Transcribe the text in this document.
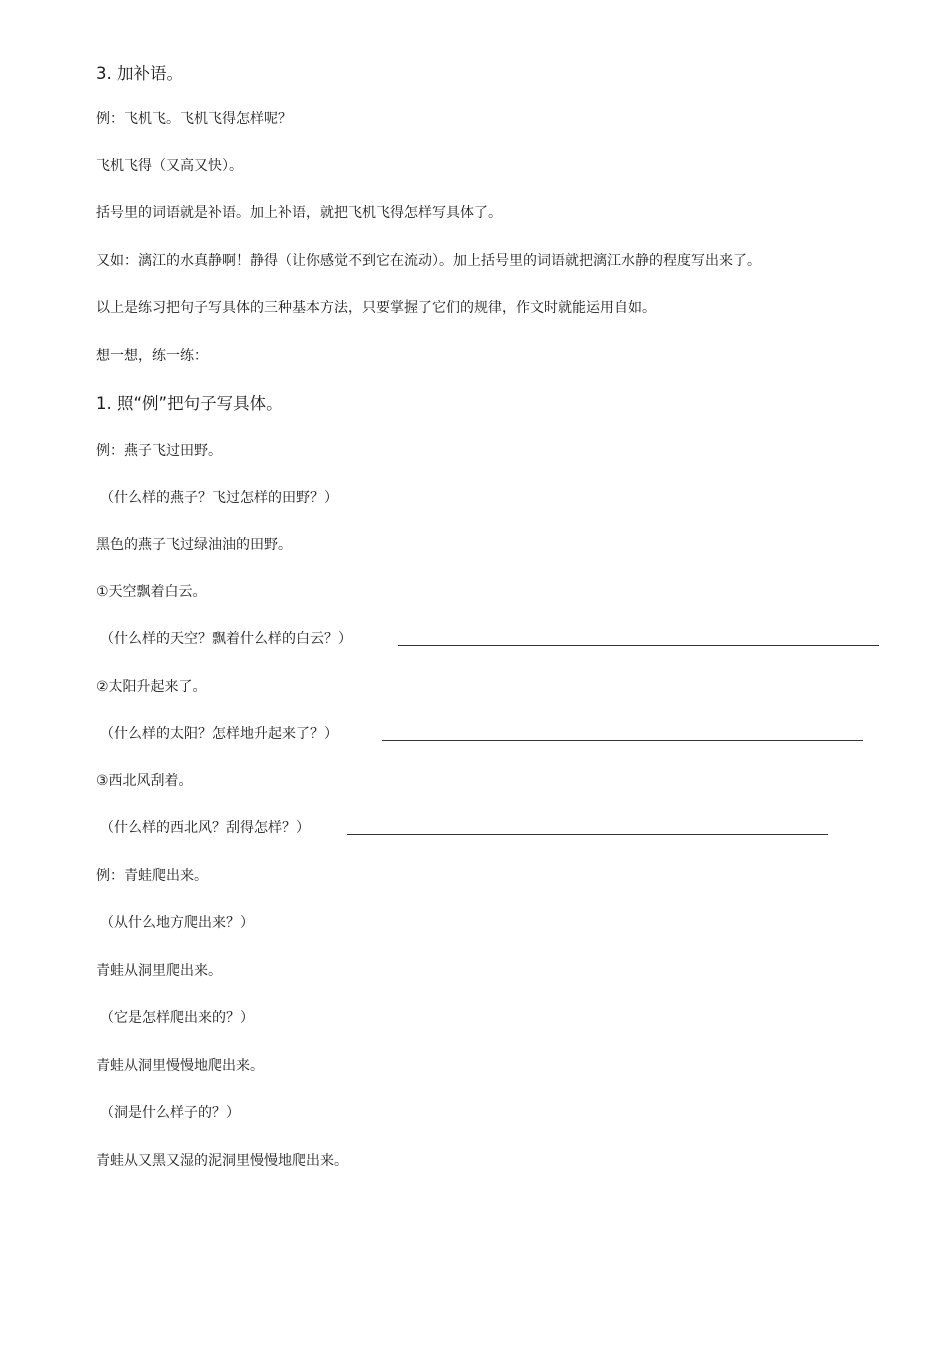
3. 加补语。
例：飞机飞。飞机飞得怎样呢？
飞机飞得（又高又快）。
括号里的词语就是补语。加上补语，就把飞机飞得怎样写具体了。
又如：漓江的水真静啊！静得（让你感觉不到它在流动）。加上括号里的词语就把漓江水静的程度写出来了。
以上是练习把句子写具体的三种基本方法，只要掌握了它们的规律，作文时就能运用自如。
想一想，练一练：
1. 照“例”把句子写具体。
例：燕子飞过田野。
（什么样的燕子？飞过怎样的田野？）
黑色的燕子飞过绿油油的田野。
①天空飘着白云。
（什么样的天空？飘着什么样的白云？）
②太阳升起来了。
（什么样的太阳？怎样地升起来了？）
③西北风刮着。
（什么样的西北风？刮得怎样？）
例：青蛙爬出来。
（从什么地方爬出来？）
青蛙从洞里爬出来。
（它是怎样爬出来的？）
青蛙从洞里慢慢地爬出来。
（洞是什么样子的？）
青蛙从又黑又湿的泥洞里慢慢地爬出来。
